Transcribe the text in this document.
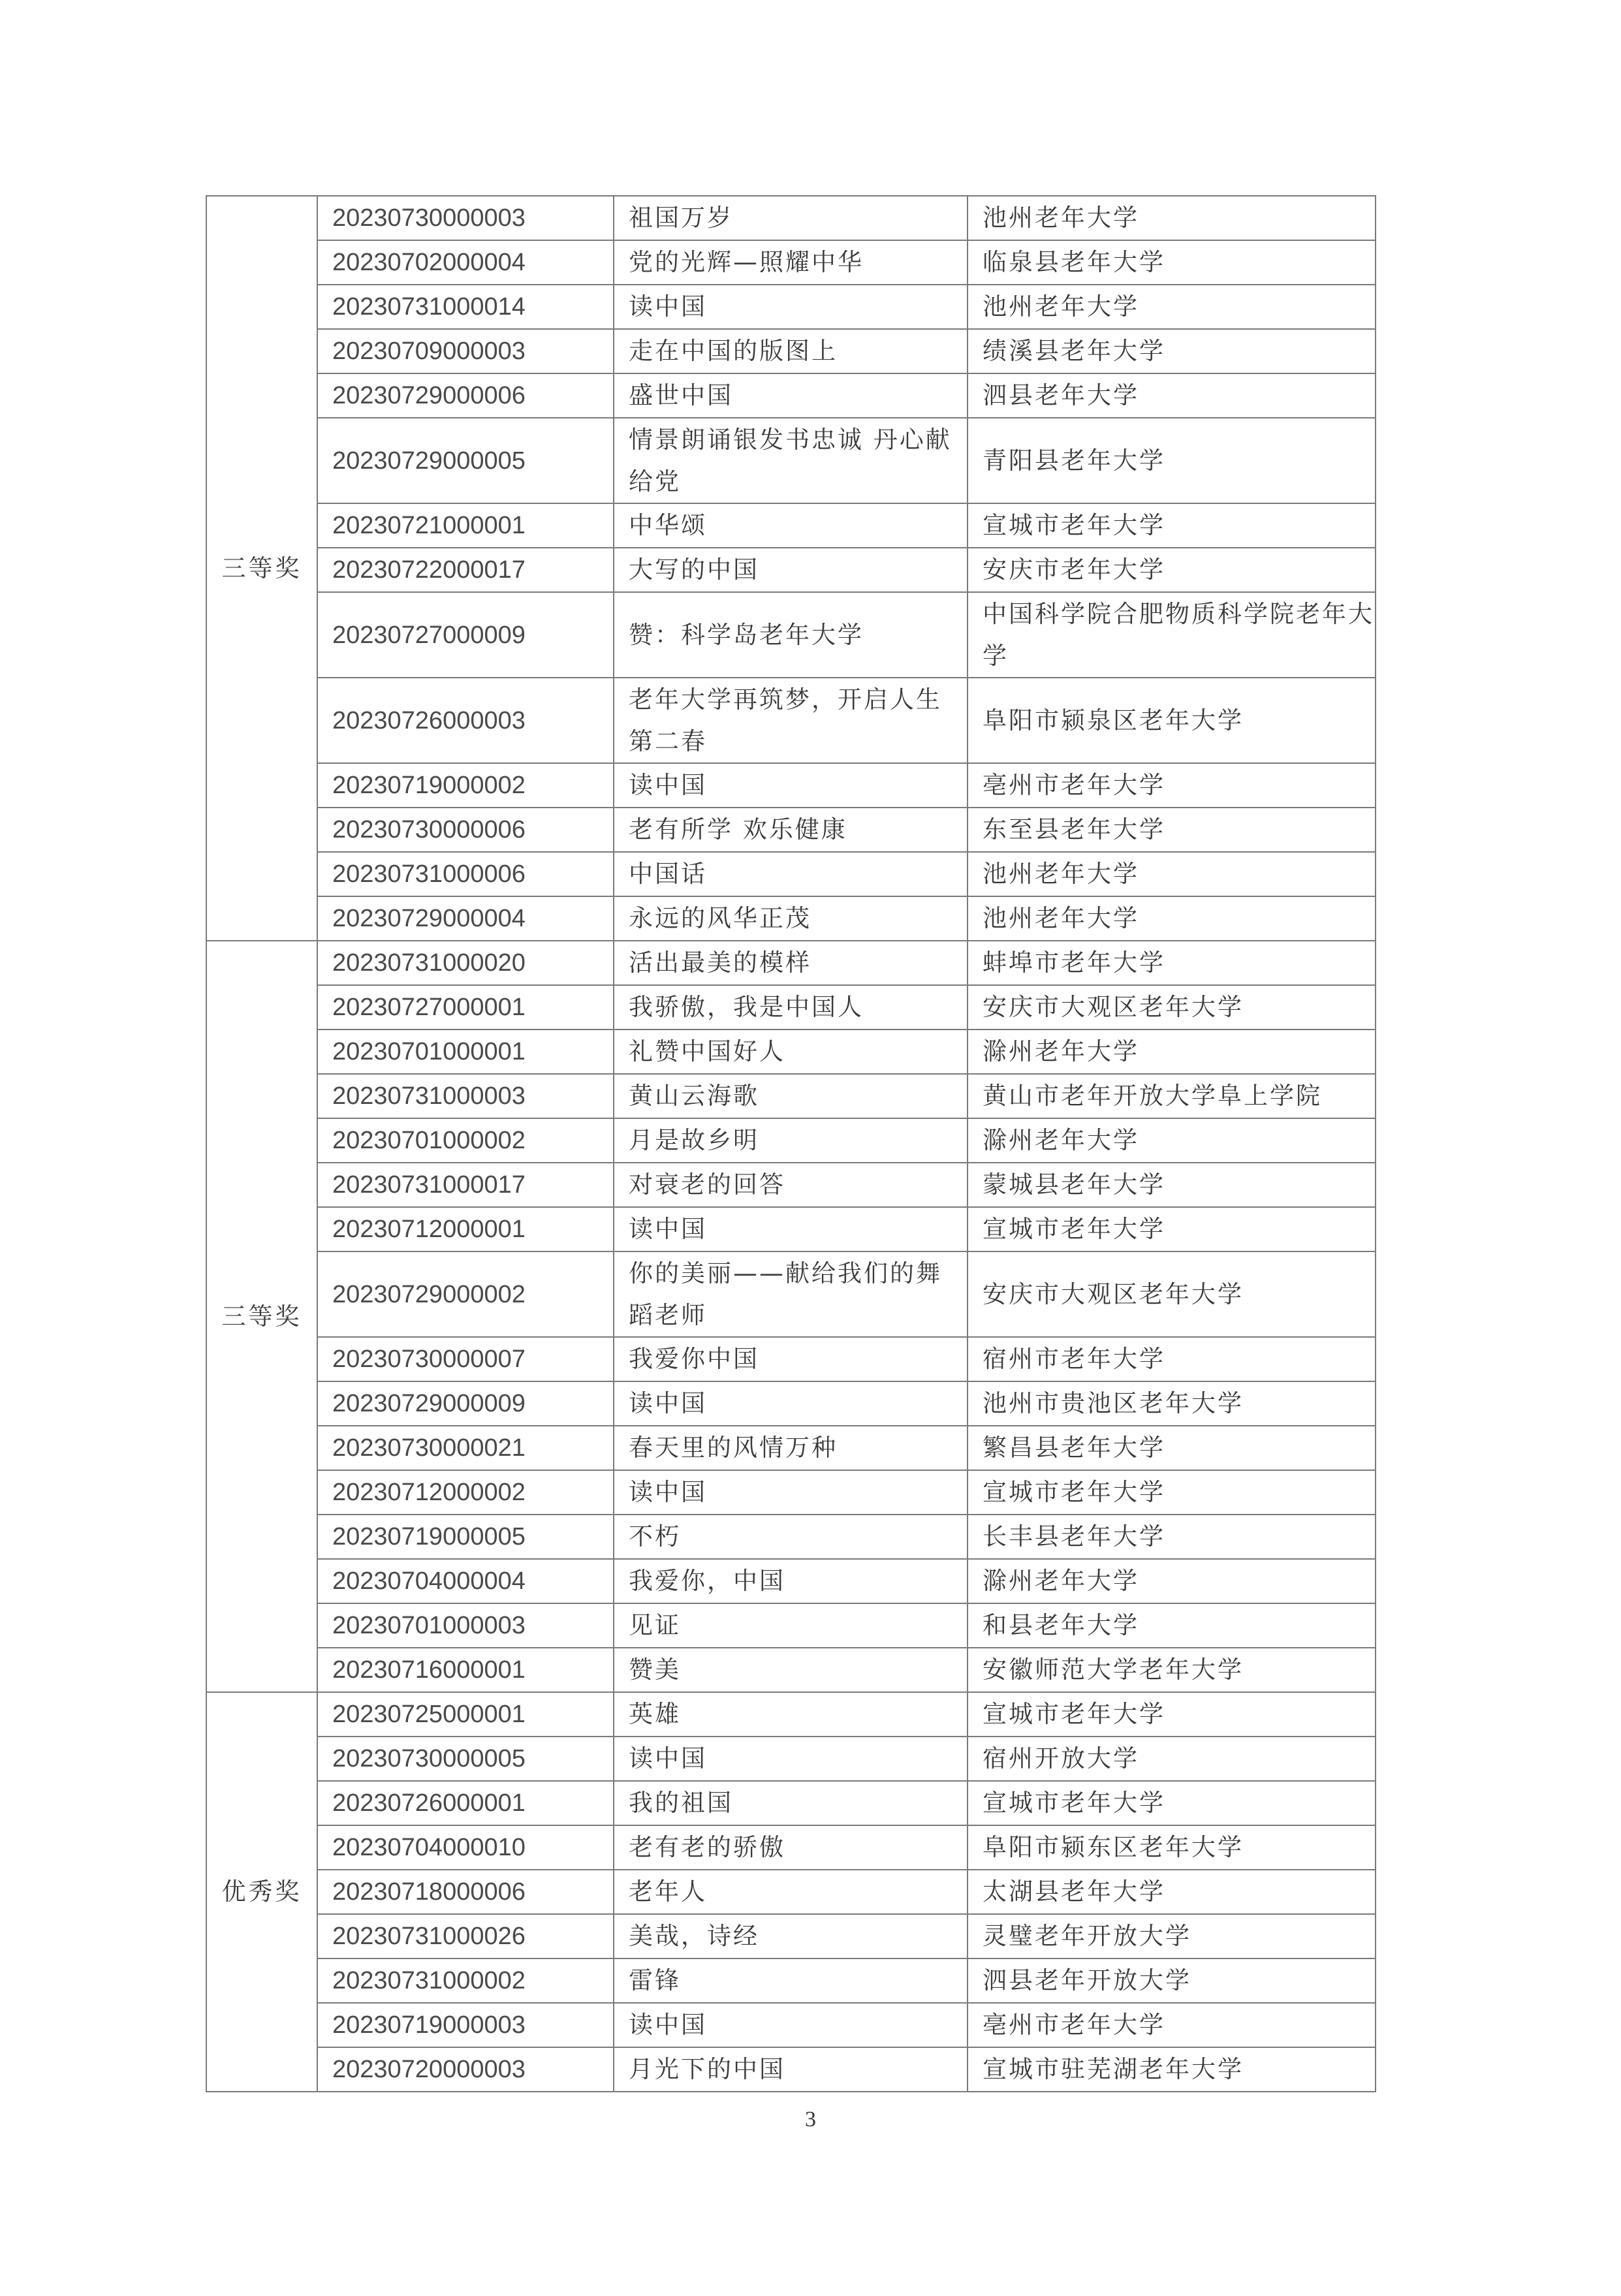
三等奖	20230730000003	祖国万岁	池州老年大学
	20230702000004	党的光辉—照耀中华	临泉县老年大学
	20230731000014	读中国	池州老年大学
	20230709000003	走在中国的版图上	绩溪县老年大学
	20230729000006	盛世中国	泗县老年大学
	20230729000005	情景朗诵银发书忠诚 丹心献给党	青阳县老年大学
	20230721000001	中华颂	宣城市老年大学
	20230722000017	大写的中国	安庆市老年大学
	20230727000009	赞：科学岛老年大学	中国科学院合肥物质科学院老年大学
	20230726000003	老年大学再筑梦，开启人生第二春	阜阳市颍泉区老年大学
	20230719000002	读中国	亳州市老年大学
	20230730000006	老有所学 欢乐健康	东至县老年大学
	20230731000006	中国话	池州老年大学
	20230729000004	永远的风华正茂	池州老年大学
三等奖	20230731000020	活出最美的模样	蚌埠市老年大学
	20230727000001	我骄傲，我是中国人	安庆市大观区老年大学
	20230701000001	礼赞中国好人	滁州老年大学
	20230731000003	黄山云海歌	黄山市老年开放大学阜上学院
	20230701000002	月是故乡明	滁州老年大学
	20230731000017	对衰老的回答	蒙城县老年大学
	20230712000001	读中国	宣城市老年大学
	20230729000002	你的美丽——献给我们的舞蹈老师	安庆市大观区老年大学
	20230730000007	我爱你中国	宿州市老年大学
	20230729000009	读中国	池州市贵池区老年大学
	20230730000021	春天里的风情万种	繁昌县老年大学
	20230712000002	读中国	宣城市老年大学
	20230719000005	不朽	长丰县老年大学
	20230704000004	我爱你，中国	滁州老年大学
	20230701000003	见证	和县老年大学
	20230716000001	赞美	安徽师范大学老年大学
优秀奖	20230725000001	英雄	宣城市老年大学
	20230730000005	读中国	宿州开放大学
	20230726000001	我的祖国	宣城市老年大学
	20230704000010	老有老的骄傲	阜阳市颍东区老年大学
	20230718000006	老年人	太湖县老年大学
	20230731000026	美哉，诗经	灵璧老年开放大学
	20230731000002	雷锋	泗县老年开放大学
	20230719000003	读中国	亳州市老年大学
	20230720000003	月光下的中国	宣城市驻芜湖老年大学
3
